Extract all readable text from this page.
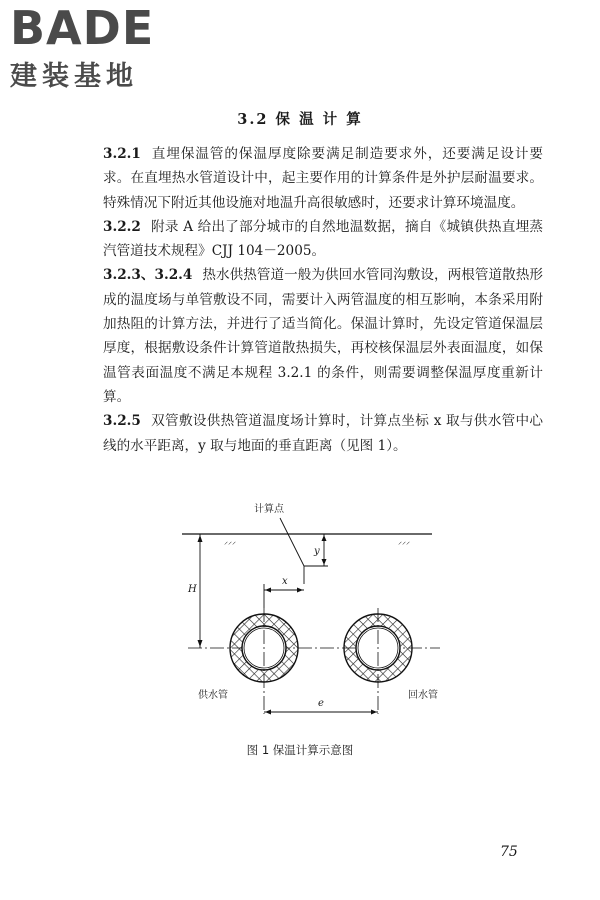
BADE
建装基地
3.2 保 温 计 算

3.2.1 直埋保温管的保温厚度除要满足制造要求外，还要满足设计要求。在直埋热水管道设计中，起主要作用的计算条件是外护层耐温要求。特殊情况下附近其他设施对地温升高很敏感时，还要求计算环境温度。

3.2.2 附录 A 给出了部分城市的自然地温数据，摘自《城镇供热直埋蒸汽管道技术规程》CJJ 104－2005。

3.2.3、3.2.4 热水供热管道一般为供回水管同沟敷设，两根管道散热形成的温度场与单管敷设不同，需要计入两管温度的相互影响，本条采用附加热阻的计算方法，并进行了适当简化。保温计算时，先设定管道保温层厚度，根据敷设条件计算管道散热损失，再校核保温层外表面温度，如保温管表面温度不满足本规程 3.2.1 的条件，则需要调整保温厚度重新计算。

3.2.5 双管敷设供热管道温度场计算时，计算点坐标 x 取与供水管中心线的水平距离，y 取与地面的垂直距离（见图 1）。

⸝⸝⸝	⸝⸝⸝
计算点
y
x
H
e
供水管	回水管
图 1 保温计算示意图
75
